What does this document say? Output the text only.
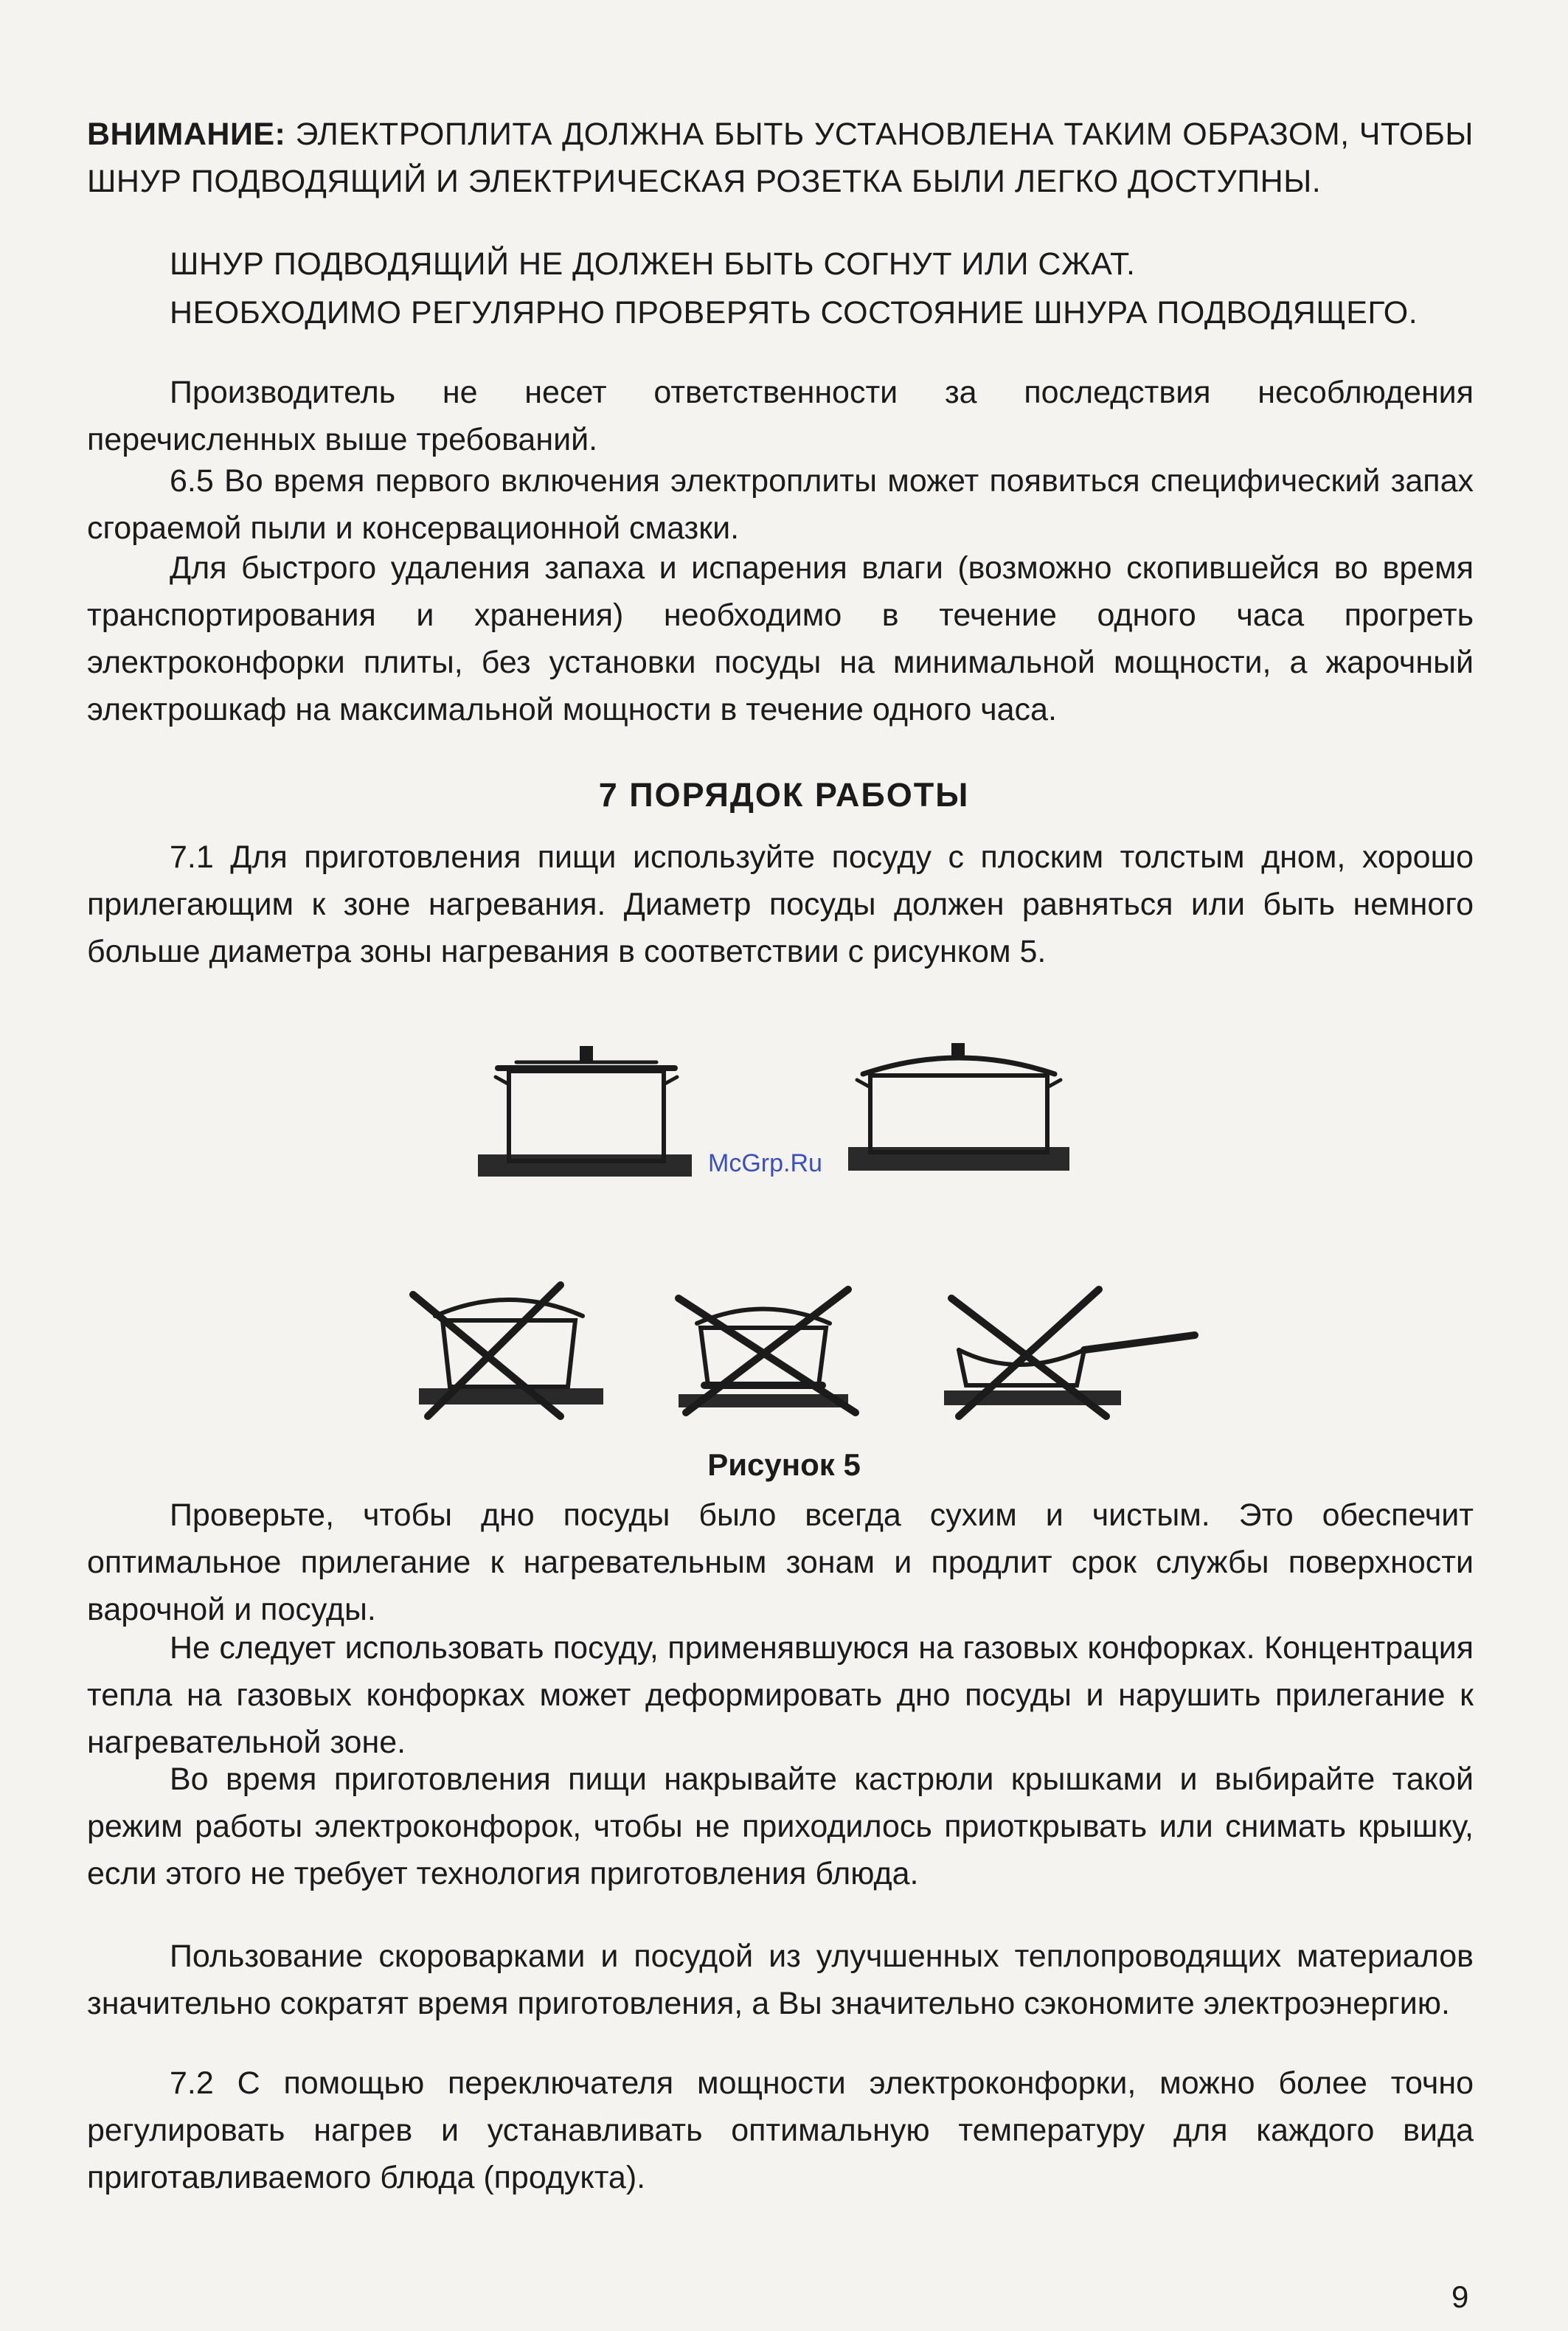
ВНИМАНИЕ: ЭЛЕКТРОПЛИТА ДОЛЖНА БЫТЬ УСТАНОВЛЕНА ТАКИМ ОБРАЗОМ, ЧТОБЫ ШНУР ПОДВОДЯЩИЙ И ЭЛЕКТРИЧЕСКАЯ РОЗЕТКА БЫЛИ ЛЕГКО ДОСТУПНЫ.

ШНУР ПОДВОДЯЩИЙ НЕ ДОЛЖЕН БЫТЬ СОГНУТ ИЛИ СЖАТ.

НЕОБХОДИМО РЕГУЛЯРНО ПРОВЕРЯТЬ СОСТОЯНИЕ ШНУРА ПОДВОДЯЩЕГО.

Производитель не несет ответственности за последствия несоблюдения перечисленных выше требований.

6.5 Во время первого включения электроплиты может появиться специфический запах сгораемой пыли и консервационной смазки.

Для быстрого удаления запаха и испарения влаги (возможно скопившейся во время транспортирования и хранения) необходимо в течение одного часа прогреть электроконфорки плиты, без установки посуды на минимальной мощности, а жарочный электрошкаф на максимальной мощности в течение одного часа.

7 ПОРЯДОК РАБОТЫ

7.1 Для приготовления пищи используйте посуду с плоским толстым дном, хорошо прилегающим к зоне нагревания. Диаметр посуды должен равняться или быть немного больше диаметра зоны нагревания в соответствии с рисунком 5.

McGrp.Ru
Рисунок 5

Проверьте, чтобы дно посуды было всегда сухим и чистым. Это обеспечит оптимальное прилегание к нагревательным зонам и продлит срок службы поверхности варочной и посуды.

Не следует использовать посуду, применявшуюся на газовых конфорках. Концентрация тепла на газовых конфорках может деформировать дно посуды и нарушить прилегание к нагревательной зоне.

Во время приготовления пищи накрывайте кастрюли крышками и выбирайте такой режим работы электроконфорок, чтобы не приходилось приоткрывать или снимать крышку, если этого не требует технология приготовления блюда.

Пользование скороварками и посудой из улучшенных теплопроводящих материалов значительно сократят время приготовления, а Вы значительно сэкономите электроэнергию.

7.2 С помощью переключателя мощности электроконфорки, можно более точно регулировать нагрев и устанавливать оптимальную температуру для каждого вида приготавливаемого блюда (продукта).

9
